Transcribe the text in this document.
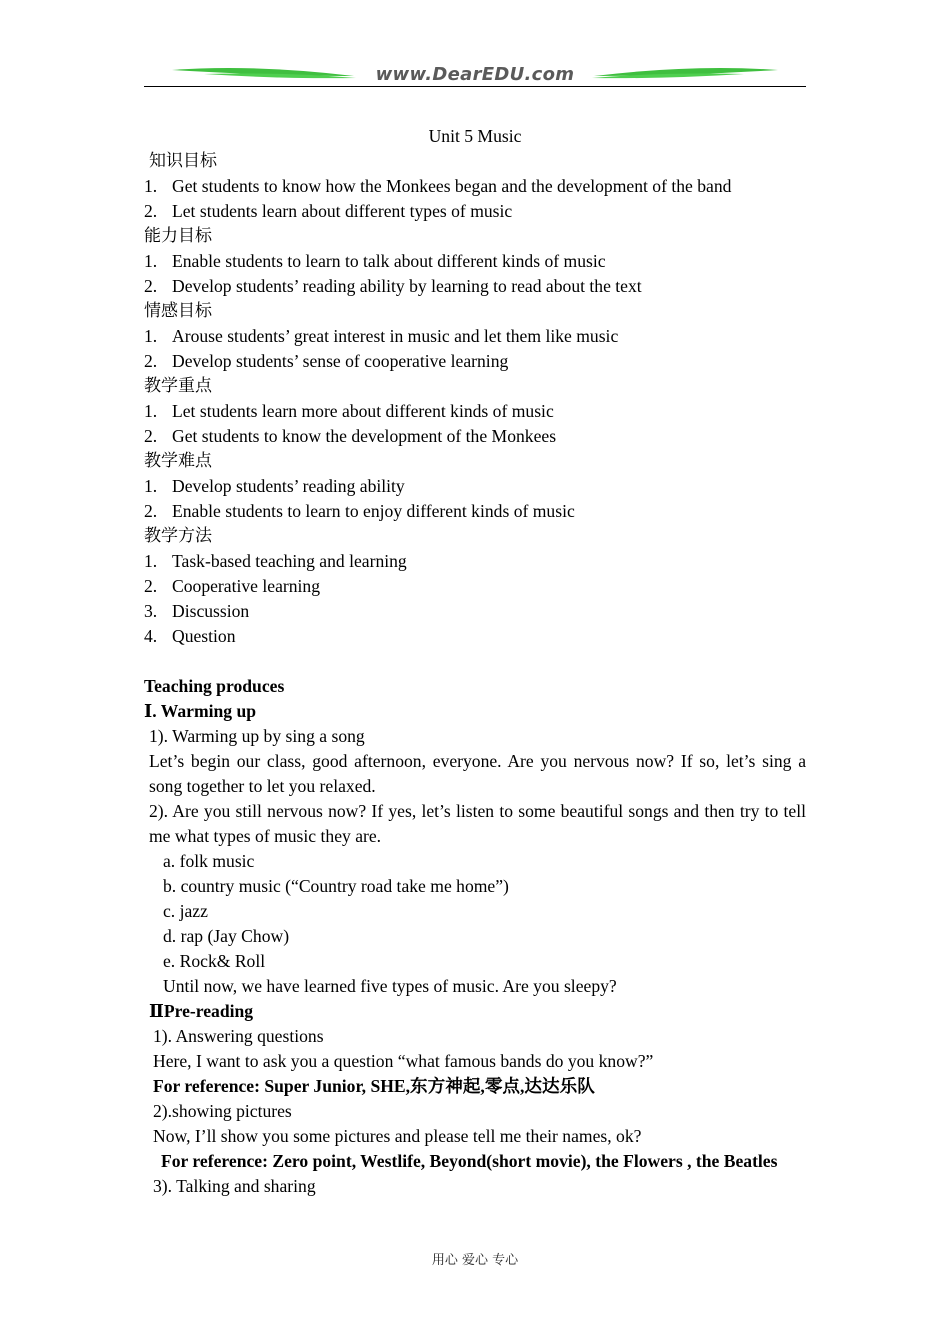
www.DearEDU.com
Unit 5 Music
知识目标
1. Get students to know how the Monkees began and the development of the band
2. Let students learn about different types of music
能力目标
1. Enable students to learn to talk about different kinds of music
2. Develop students’ reading ability by learning to read about the text
情感目标
1. Arouse students’ great interest in music and let them like music
2. Develop students’ sense of cooperative learning
教学重点
1. Let students learn more about different kinds of music
2. Get students to know the development of the Monkees
教学难点
1. Develop students’ reading ability
2. Enable students to learn to enjoy different kinds of music
教学方法
1. Task-based teaching and learning
2. Cooperative learning
3. Discussion
4. Question
Teaching produces
Ⅰ. Warming up
1). Warming up by sing a song
Let’s begin our class, good afternoon, everyone. Are you nervous now? If so, let’s sing a song together to let you relaxed.
2). Are you still nervous now? If yes, let’s listen to some beautiful songs and then try to tell me what types of music they are.
a. folk music
b. country music (“Country road take me home”)
c. jazz
d. rap (Jay Chow)
e. Rock& Roll
Until now, we have learned five types of music. Are you sleepy?
ⅡPre-reading
1). Answering questions
Here, I want to ask you a question “what famous bands do you know?”
For reference: Super Junior, SHE,东方神起,零点,达达乐队
2).showing pictures
Now, I’ll show you some pictures and please tell me their names, ok?
For reference: Zero point, Westlife, Beyond(short movie), the Flowers , the Beatles
3). Talking and sharing
用心 爱心 专心
